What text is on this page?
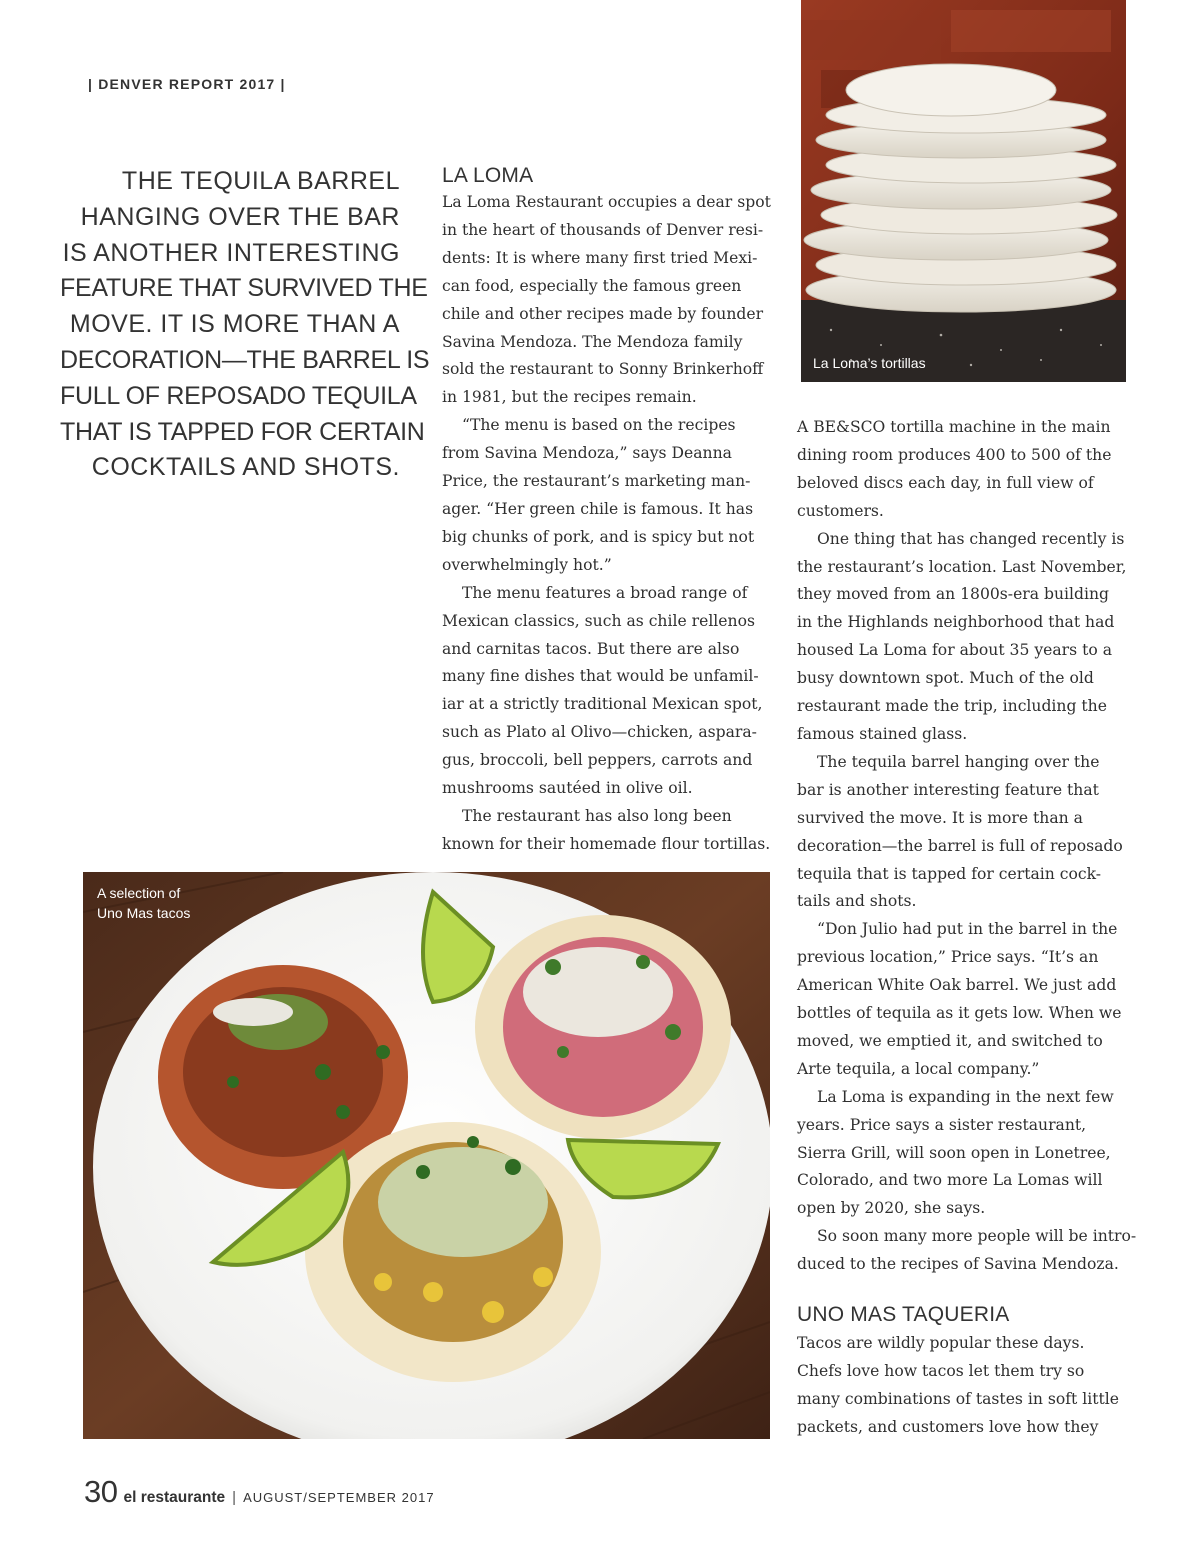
| DENVER REPORT 2017 |
THE TEQUILA BARREL
HANGING OVER THE BAR
IS ANOTHER INTERESTING
FEATURE THAT SURVIVED THE
MOVE. IT IS MORE THAN A
DECORATION—THE BARREL IS
FULL OF REPOSADO TEQUILA
THAT IS TAPPED FOR CERTAIN
COCKTAILS AND SHOTS.
LA LOMA

La Loma Restaurant occupies a dear spot

in the heart of thousands of Denver resi-

dents: It is where many first tried Mexi-

can food, especially the famous green

chile and other recipes made by founder

Savina Mendoza. The Mendoza family

sold the restaurant to Sonny Brinkerhoff

in 1981, but the recipes remain.

“The menu is based on the recipes

from Savina Mendoza,” says Deanna

Price, the restaurant’s marketing man-

ager. “Her green chile is famous. It has

big chunks of pork, and is spicy but not

overwhelmingly hot.”

The menu features a broad range of

Mexican classics, such as chile rellenos

and carnitas tacos. But there are also

many fine dishes that would be unfamil-

iar at a strictly traditional Mexican spot,

such as Plato al Olivo—chicken, aspara-

gus, broccoli, bell peppers, carrots and

mushrooms sautéed in olive oil.

The restaurant has also long been

known for their homemade flour tortillas.

La Loma’s tortillas

A BE&SCO tortilla machine in the main

dining room produces 400 to 500 of the

beloved discs each day, in full view of

customers.

One thing that has changed recently is

the restaurant’s location. Last November,

they moved from an 1800s-era building

in the Highlands neighborhood that had

housed La Loma for about 35 years to a

busy downtown spot. Much of the old

restaurant made the trip, including the

famous stained glass.

The tequila barrel hanging over the

bar is another interesting feature that

survived the move. It is more than a

decoration—the barrel is full of reposado

tequila that is tapped for certain cock-

tails and shots.

“Don Julio had put in the barrel in the

previous location,” Price says. “It’s an

American White Oak barrel. We just add

bottles of tequila as it gets low. When we

moved, we emptied it, and switched to

Arte tequila, a local company.”

La Loma is expanding in the next few

years. Price says a sister restaurant,

Sierra Grill, will soon open in Lonetree,

Colorado, and two more La Lomas will

open by 2020, she says.

So soon many more people will be intro-

duced to the recipes of Savina Mendoza.

UNO MAS TAQUERIA

Tacos are wildly popular these days.

Chefs love how tacos let them try so

many combinations of tastes in soft little

packets, and customers love how they

A selection of
Uno Mas tacos
30 el restaurante | AUGUST/SEPTEMBER 2017
